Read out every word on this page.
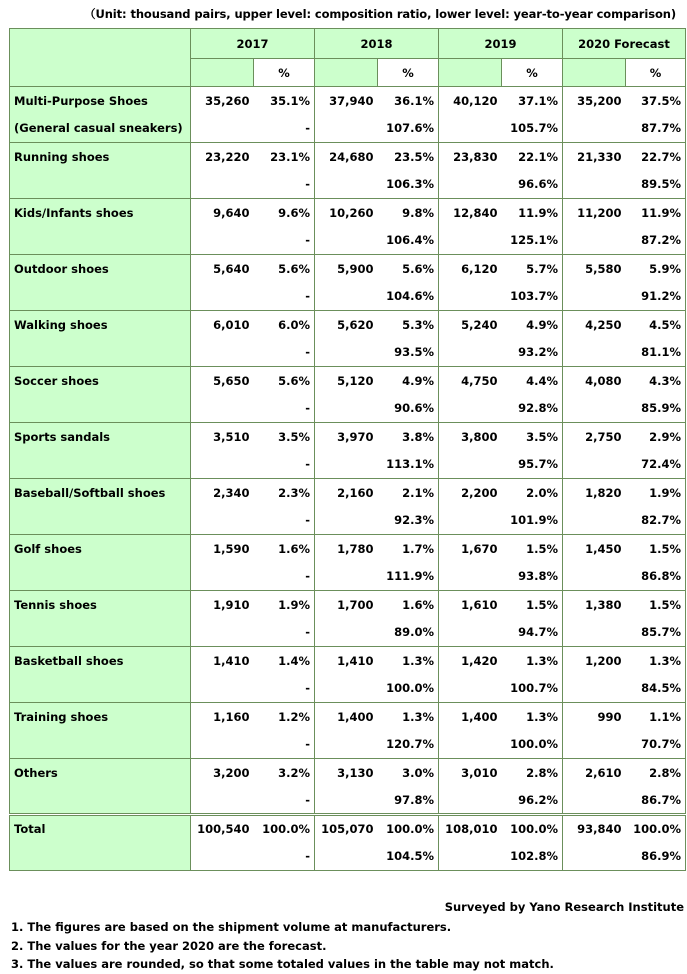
（Unit: thousand pairs, upper level: composition ratio, lower level: year-to-year comparison)
	2017		2018		2019		2020 Forecast	
		%		%		%		%
Multi-Purpose Shoes	35,260	35.1%	37,940	36.1%	40,120	37.1%	35,200	37.5%
(General casual sneakers)		-		107.6%		105.7%		87.7%
Running shoes	23,220	23.1%	24,680	23.5%	23,830	22.1%	21,330	22.7%
		-		106.3%		96.6%		89.5%
Kids/Infants shoes	9,640	9.6%	10,260	9.8%	12,840	11.9%	11,200	11.9%
		-		106.4%		125.1%		87.2%
Outdoor shoes	5,640	5.6%	5,900	5.6%	6,120	5.7%	5,580	5.9%
		-		104.6%		103.7%		91.2%
Walking shoes	6,010	6.0%	5,620	5.3%	5,240	4.9%	4,250	4.5%
		-		93.5%		93.2%		81.1%
Soccer shoes	5,650	5.6%	5,120	4.9%	4,750	4.4%	4,080	4.3%
		-		90.6%		92.8%		85.9%
Sports sandals	3,510	3.5%	3,970	3.8%	3,800	3.5%	2,750	2.9%
		-		113.1%		95.7%		72.4%
Baseball/Softball shoes	2,340	2.3%	2,160	2.1%	2,200	2.0%	1,820	1.9%
		-		92.3%		101.9%		82.7%
Golf shoes	1,590	1.6%	1,780	1.7%	1,670	1.5%	1,450	1.5%
		-		111.9%		93.8%		86.8%
Tennis shoes	1,910	1.9%	1,700	1.6%	1,610	1.5%	1,380	1.5%
		-		89.0%		94.7%		85.7%
Basketball shoes	1,410	1.4%	1,410	1.3%	1,420	1.3%	1,200	1.3%
		-		100.0%		100.7%		84.5%
Training shoes	1,160	1.2%	1,400	1.3%	1,400	1.3%	990	1.1%
		-		120.7%		100.0%		70.7%
Others	3,200	3.2%	3,130	3.0%	3,010	2.8%	2,610	2.8%
		-		97.8%		96.2%		86.7%
Total	100,540	100.0%	105,070	100.0%	108,010	100.0%	93,840	100.0%
		-		104.5%		102.8%		86.9%
Surveyed by Yano Research Institute
1. The figures are based on the shipment volume at manufacturers.
2. The values for the year 2020 are the forecast.
3. The values are rounded, so that some totaled values in the table may not match.
